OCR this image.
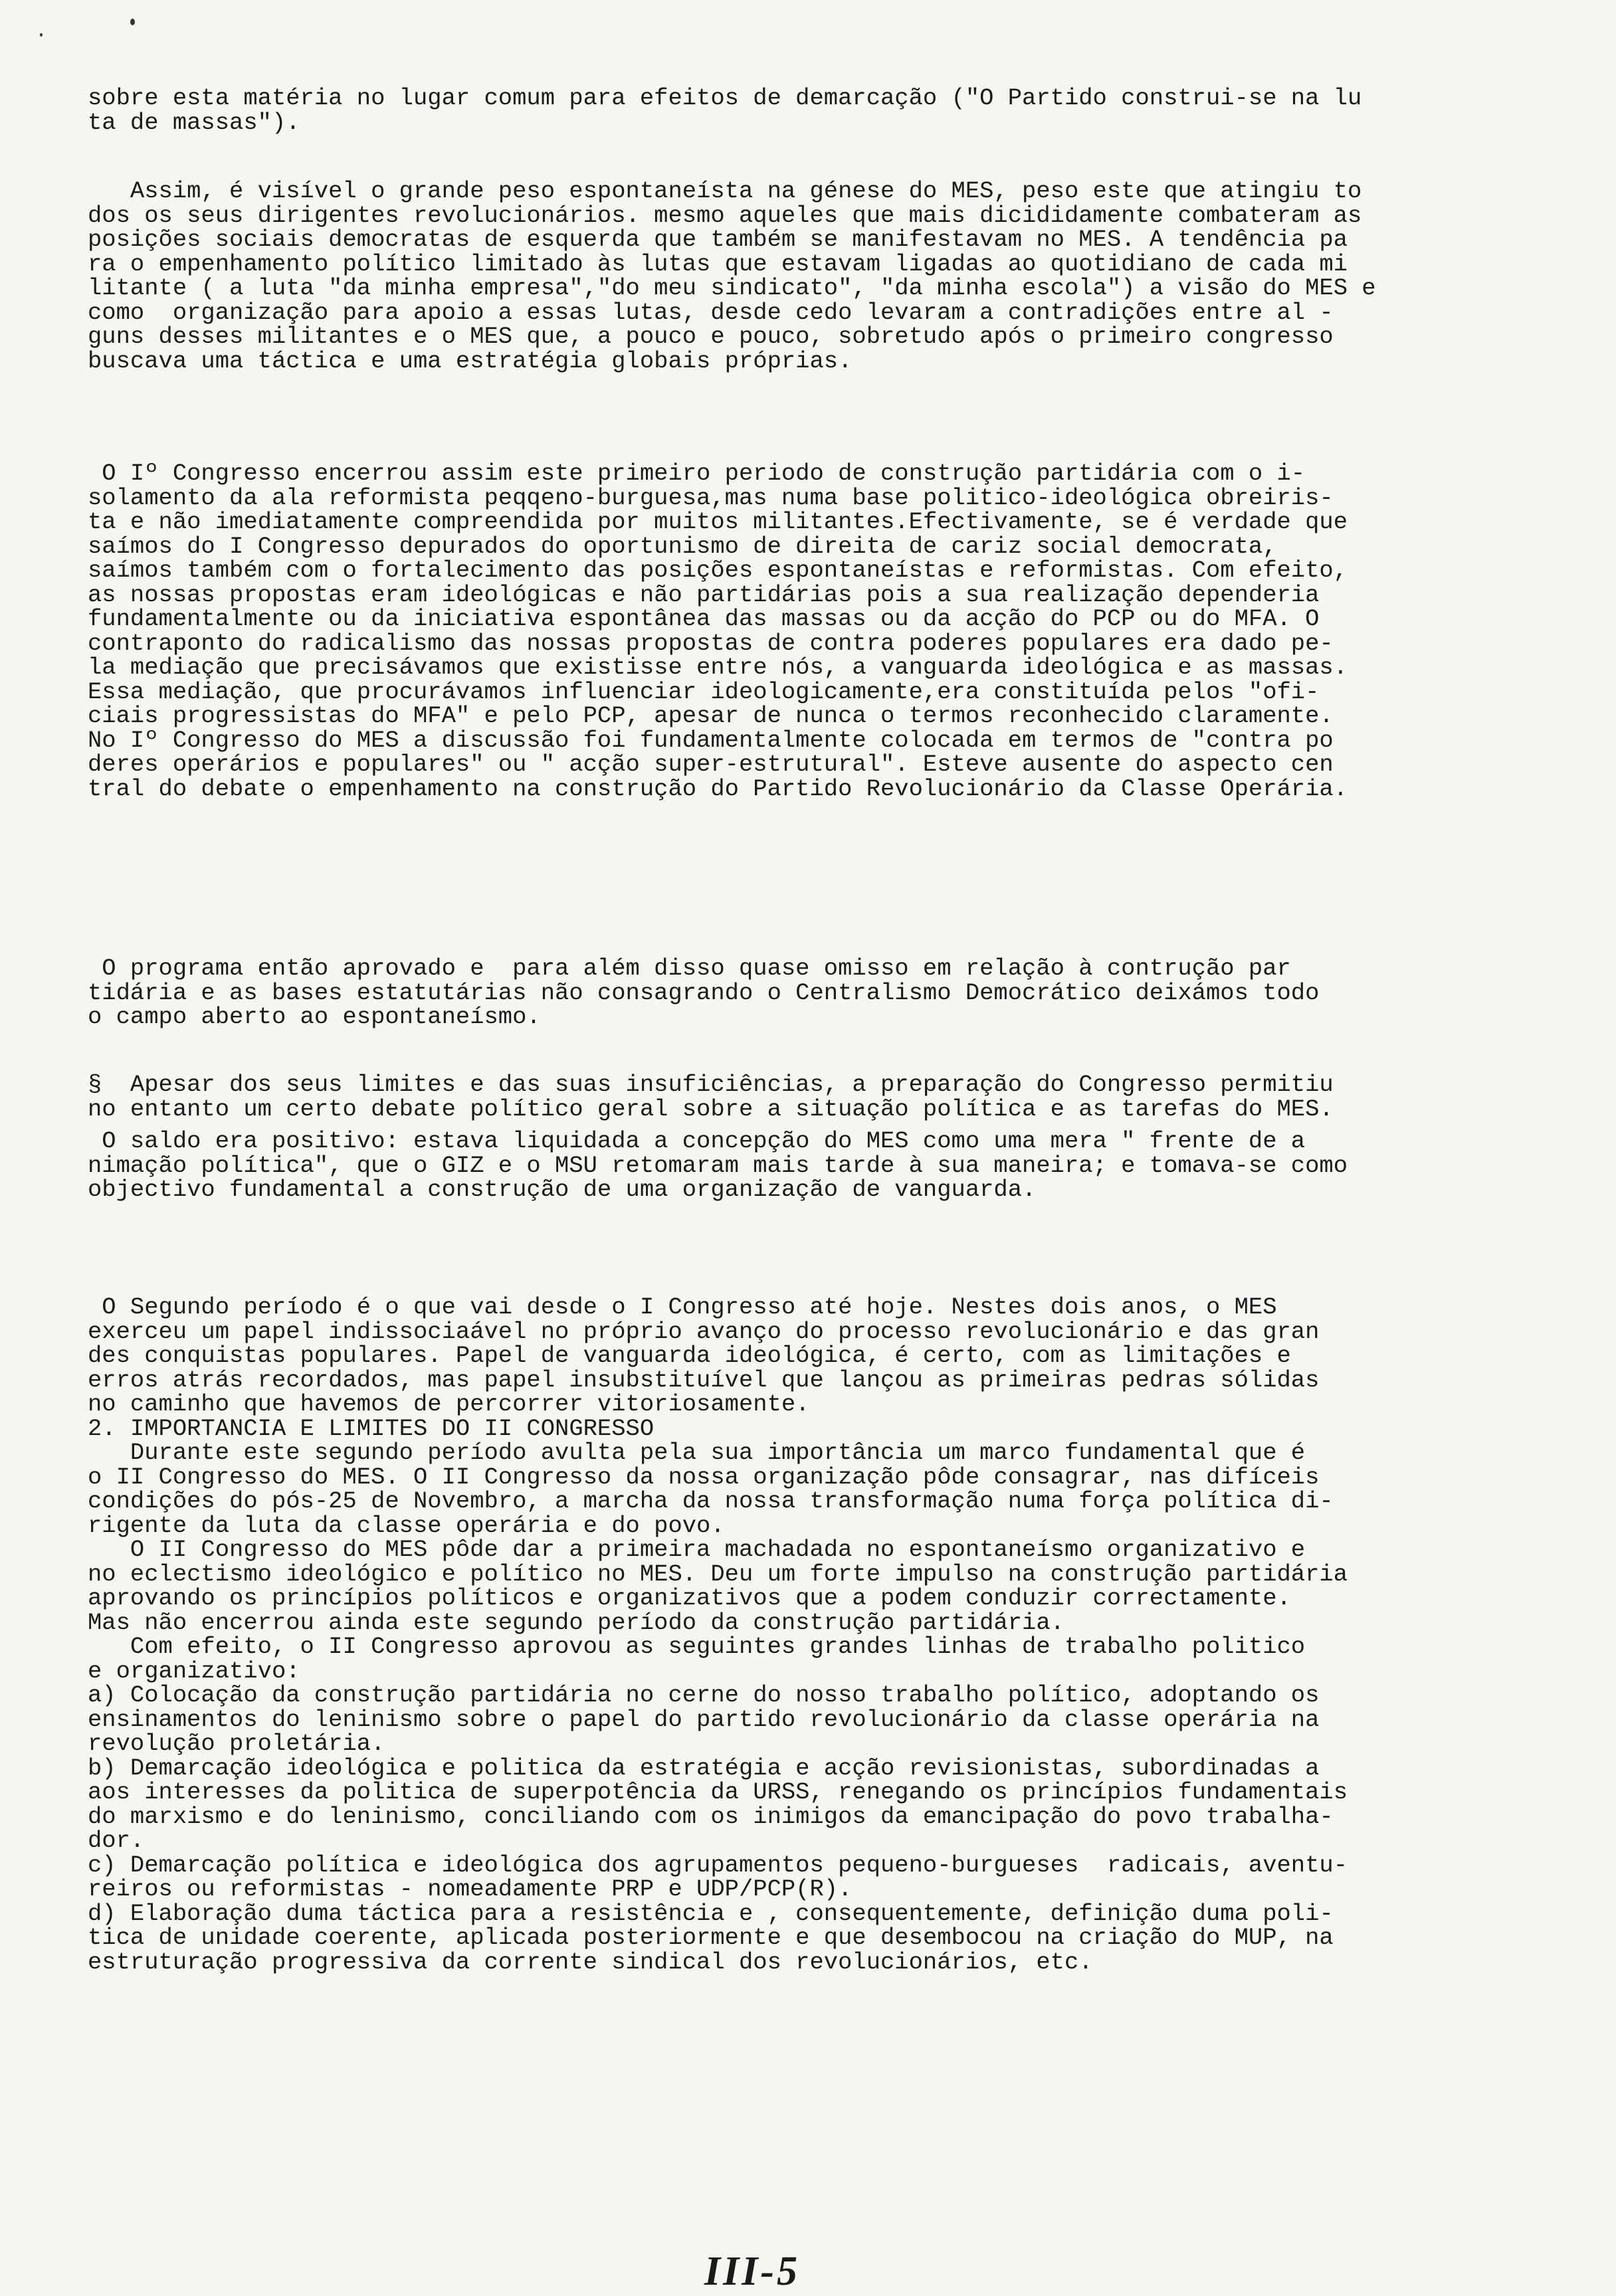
sobre esta matéria no lugar comum para efeitos de demarcação ("O Partido construi-se na lu
ta de massas").
Assim, é visível o grande peso espontaneísta na génese do MES, peso este que atingiu to
dos os seus dirigentes revolucionários. mesmo aqueles que mais dicididamente combateram as
posições sociais democratas de esquerda que também se manifestavam no MES. A tendência pa
ra o empenhamento político limitado às lutas que estavam ligadas ao quotidiano de cada mi
litante ( a luta "da minha empresa","do meu sindicato", "da minha escola") a visão do MES e
como  organização para apoio a essas lutas, desde cedo levaram a contradições entre al -
guns desses militantes e o MES que, a pouco e pouco, sobretudo após o primeiro congresso
buscava uma táctica e uma estratégia globais próprias.
O Iº Congresso encerrou assim este primeiro periodo de construção partidária com o i-
solamento da ala reformista peqqeno-burguesa,mas numa base politico-ideológica obreiris-
ta e não imediatamente compreendida por muitos militantes.Efectivamente, se é verdade que
saímos do I Congresso depurados do oportunismo de direita de cariz social democrata,
saímos também com o fortalecimento das posições espontaneístas e reformistas. Com efeito,
as nossas propostas eram ideológicas e não partidárias pois a sua realização dependeria
fundamentalmente ou da iniciativa espontânea das massas ou da acção do PCP ou do MFA. O
contraponto do radicalismo das nossas propostas de contra poderes populares era dado pe-
la mediação que precisávamos que existisse entre nós, a vanguarda ideológica e as massas.
Essa mediação, que procurávamos influenciar ideologicamente,era constituída pelos "ofi-
ciais progressistas do MFA" e pelo PCP, apesar de nunca o termos reconhecido claramente.
No Iº Congresso do MES a discussão foi fundamentalmente colocada em termos de "contra po
deres operários e populares" ou " acção super-estrutural". Esteve ausente do aspecto cen
tral do debate o empenhamento na construção do Partido Revolucionário da Classe Operária.
O programa então aprovado e  para além disso quase omisso em relação à contrução par
tidária e as bases estatutárias não consagrando o Centralismo Democrático deixámos todo
o campo aberto ao espontaneísmo.
§  Apesar dos seus limites e das suas insuficiências, a preparação do Congresso permitiu
no entanto um certo debate político geral sobre a situação política e as tarefas do MES.
O saldo era positivo: estava liquidada a concepção do MES como uma mera " frente de a
nimação política", que o GIZ e o MSU retomaram mais tarde à sua maneira; e tomava-se como
objectivo fundamental a construção de uma organização de vanguarda.
O Segundo período é o que vai desde o I Congresso até hoje. Nestes dois anos, o MES
exerceu um papel indissociaável no próprio avanço do processo revolucionário e das gran
des conquistas populares. Papel de vanguarda ideológica, é certo, com as limitações e
erros atrás recordados, mas papel insubstituível que lançou as primeiras pedras sólidas
no caminho que havemos de percorrer vitoriosamente.
2. IMPORTANCIA E LIMITES DO II CONGRESSO
Durante este segundo período avulta pela sua importância um marco fundamental que é
o II Congresso do MES. O II Congresso da nossa organização pôde consagrar, nas difíceis
condições do pós-25 de Novembro, a marcha da nossa transformação numa força política di-
rigente da luta da classe operária e do povo.
O II Congresso do MES pôde dar a primeira machadada no espontaneísmo organizativo e
no eclectismo ideológico e político no MES. Deu um forte impulso na construção partidária
aprovando os princípios políticos e organizativos que a podem conduzir correctamente.
Mas não encerrou ainda este segundo período da construção partidária.
Com efeito, o II Congresso aprovou as seguintes grandes linhas de trabalho politico
e organizativo:
a) Colocação da construção partidária no cerne do nosso trabalho político, adoptando os
ensinamentos do leninismo sobre o papel do partido revolucionário da classe operária na
revolução proletária.
b) Demarcação ideológica e politica da estratégia e acção revisionistas, subordinadas a
aos interesses da politica de superpotência da URSS, renegando os princípios fundamentais
do marxismo e do leninismo, conciliando com os inimigos da emancipação do povo trabalha-
dor.
c) Demarcação política e ideológica dos agrupamentos pequeno-burgueses  radicais, aventu-
reiros ou reformistas - nomeadamente PRP e UDP/PCP(R).
d) Elaboração duma táctica para a resistência e , consequentemente, definição duma poli-
tica de unidade coerente, aplicada posteriormente e que desembocou na criação do MUP, na
estruturação progressiva da corrente sindical dos revolucionários, etc.
III-5
